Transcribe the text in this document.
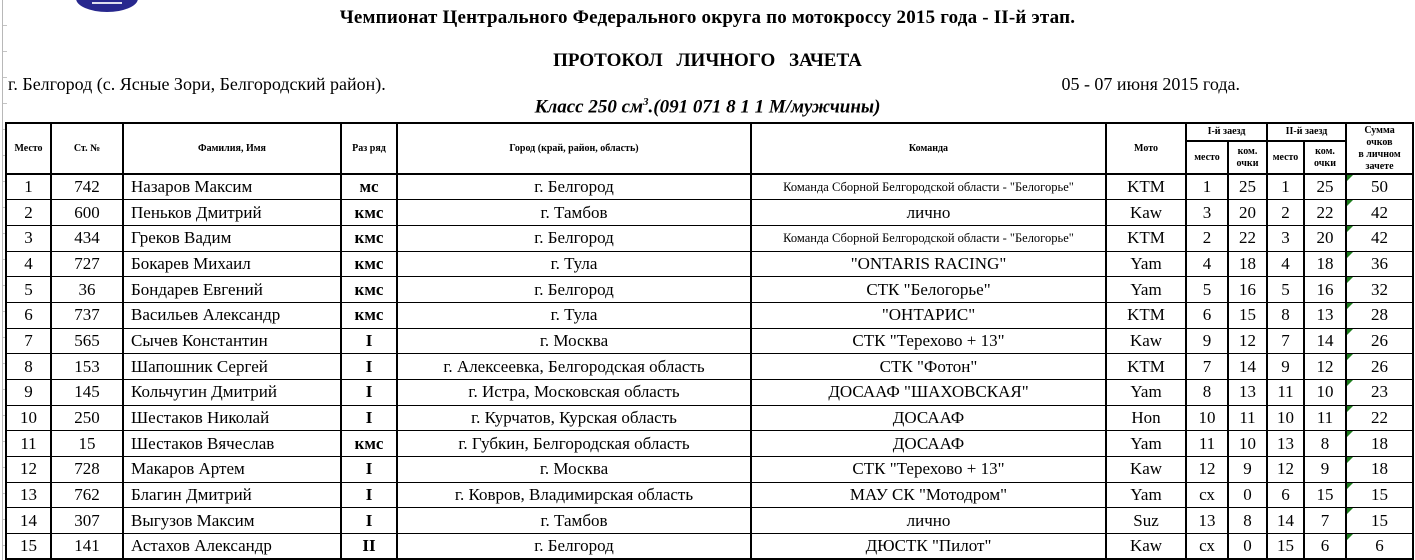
Чемпионат Центрального Федерального округа по мотокроссу 2015 года - II-й этап.
ПРОТОКОЛ ЛИЧНОГО ЗАЧЕТА
г. Белгород (с. Ясные Зори, Белгородский район).	05 - 07 июня 2015 года.
Класс 250 $см^3.(091$ 071 8 1 1 М/мужчины)
Место	Ст. №	Фамилия, Имя	Раз ряд	Город (край, район, область)	Команда	Мото	I-й заезд		II-й заезд		Сумма
очков
в личном
зачете

							место	ком. очки	место	ком. очки	
1	742	Назаров Максим	мс	г. Белгород	Команда Сборной Белгородской области - "Белогорье"	KTM	1	25	1	25	50
2	600	Пеньков Дмитрий	кмс	г. Тамбов	лично	Kaw	3	20	2	22	42
3	434	Греков Вадим	кмс	г. Белгород	Команда Сборной Белгородской области - "Белогорье"	KTM	2	22	3	20	42
4	727	Бокарев Михаил	кмс	г. Тула	"ONTARIS RACING"	Yam	4	18	4	18	36
5	36	Бондарев Евгений	кмс	г. Белгород	СТК "Белогорье"	Yam	5	16	5	16	32
6	737	Васильев Александр	кмс	г. Тула	"ОНТАРИС"	KTM	6	15	8	13	28
7	565	Сычев Константин	I	г. Москва	СТК "Терехово + 13"	Kaw	9	12	7	14	26
8	153	Шапошник Сергей	I	г. Алексеевка, Белгородская область	СТК "Фотон"	KTM	7	14	9	12	26
9	145	Кольчугин Дмитрий	I	г. Истра, Московская область	ДОСААФ "ШАХОВСКАЯ"	Yam	8	13	11	10	23
10	250	Шестаков Николай	I	г. Курчатов, Курская область	ДОСААФ	Hon	10	11	10	11	22
11	15	Шестаков Вячеслав	кмс	г. Губкин, Белгородская область	ДОСААФ	Yam	11	10	13	8	18
12	728	Макаров Артем	I	г. Москва	СТК "Терехово + 13"	Kaw	12	9	12	9	18
13	762	Благин Дмитрий	I	г. Ковров, Владимирская область	МАУ СК "Мотодром"	Yam	сх	0	6	15	15
14	307	Выгузов Максим	I	г. Тамбов	лично	Suz	13	8	14	7	15
15	141	Астахов Александр	II	г. Белгород	ДЮСТК "Пилот"	Kaw	сх	0	15	6	6
